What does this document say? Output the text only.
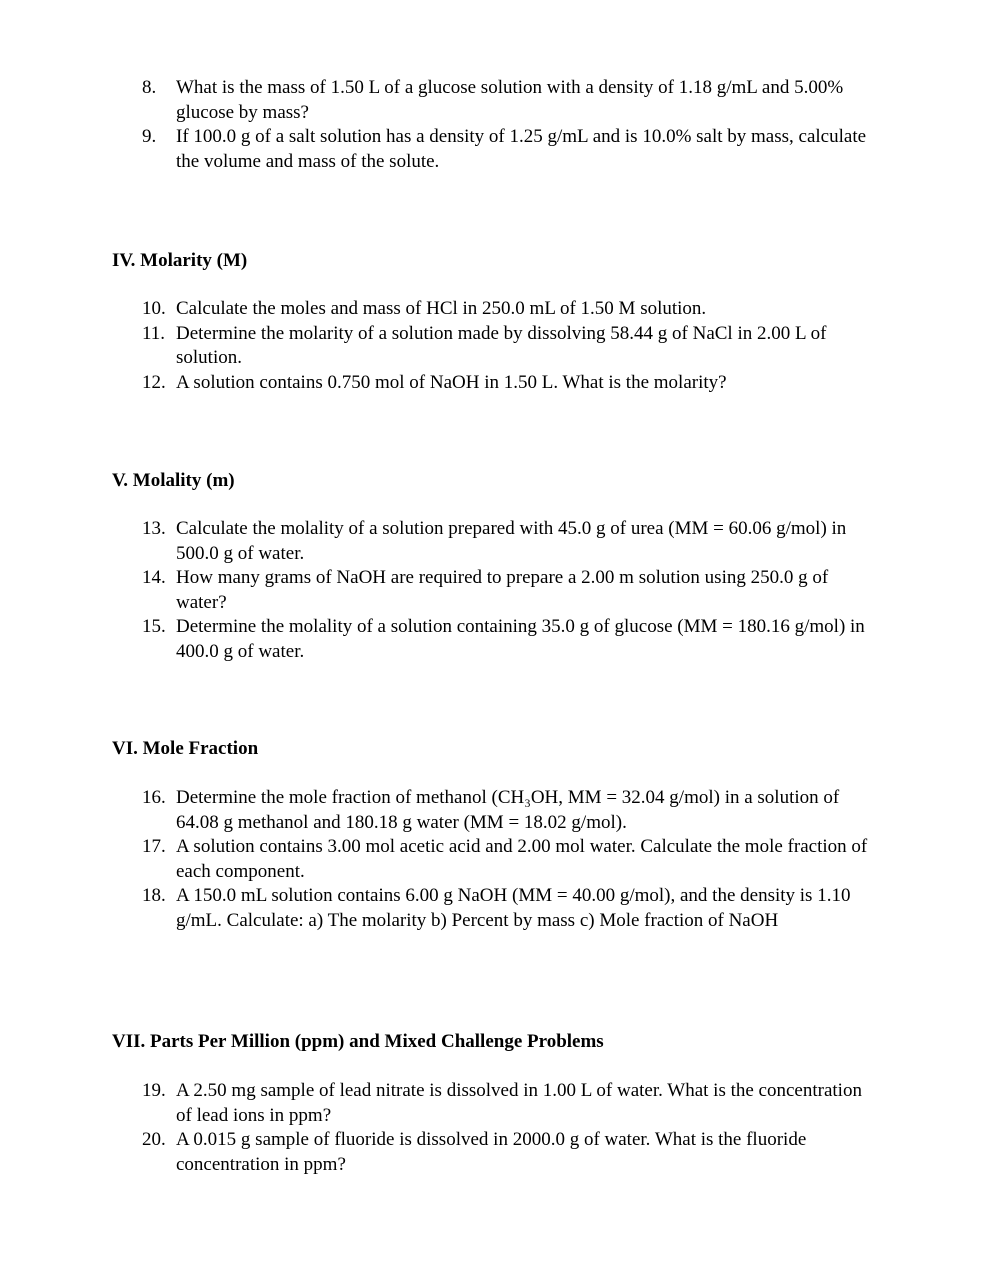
8.	What is the mass of 1.50 L of a glucose solution with a density of 1.18 g/mL and 5.00% glucose by mass?
9.	If 100.0 g of a salt solution has a density of 1.25 g/mL and is 10.0% salt by mass, calculate the volume and mass of the solute.
IV. Molarity (M)
10. Calculate the moles and mass of HCl in 250.0 mL of 1.50 M solution.
11. Determine the molarity of a solution made by dissolving 58.44 g of NaCl in 2.00 L of solution.
12. A solution contains 0.750 mol of NaOH in 1.50 L. What is the molarity?
V. Molality (m)
13. Calculate the molality of a solution prepared with 45.0 g of urea (MM = 60.06 g/mol) in 500.0 g of water.
14. How many grams of NaOH are required to prepare a 2.00 m solution using 250.0 g of water?
15. Determine the molality of a solution containing 35.0 g of glucose (MM = 180.16 g/mol) in 400.0 g of water.
VI. Mole Fraction
16. Determine the mole fraction of methanol (CH₃OH, MM = 32.04 g/mol) in a solution of 64.08 g methanol and 180.18 g water (MM = 18.02 g/mol).
17. A solution contains 3.00 mol acetic acid and 2.00 mol water. Calculate the mole fraction of each component.
18. A 150.0 mL solution contains 6.00 g NaOH (MM = 40.00 g/mol), and the density is 1.10 g/mL. Calculate: a) The molarity b) Percent by mass c) Mole fraction of NaOH
VII. Parts Per Million (ppm) and Mixed Challenge Problems
19. A 2.50 mg sample of lead nitrate is dissolved in 1.00 L of water. What is the concentration of lead ions in ppm?
20. A 0.015 g sample of fluoride is dissolved in 2000.0 g of water. What is the fluoride concentration in ppm?
